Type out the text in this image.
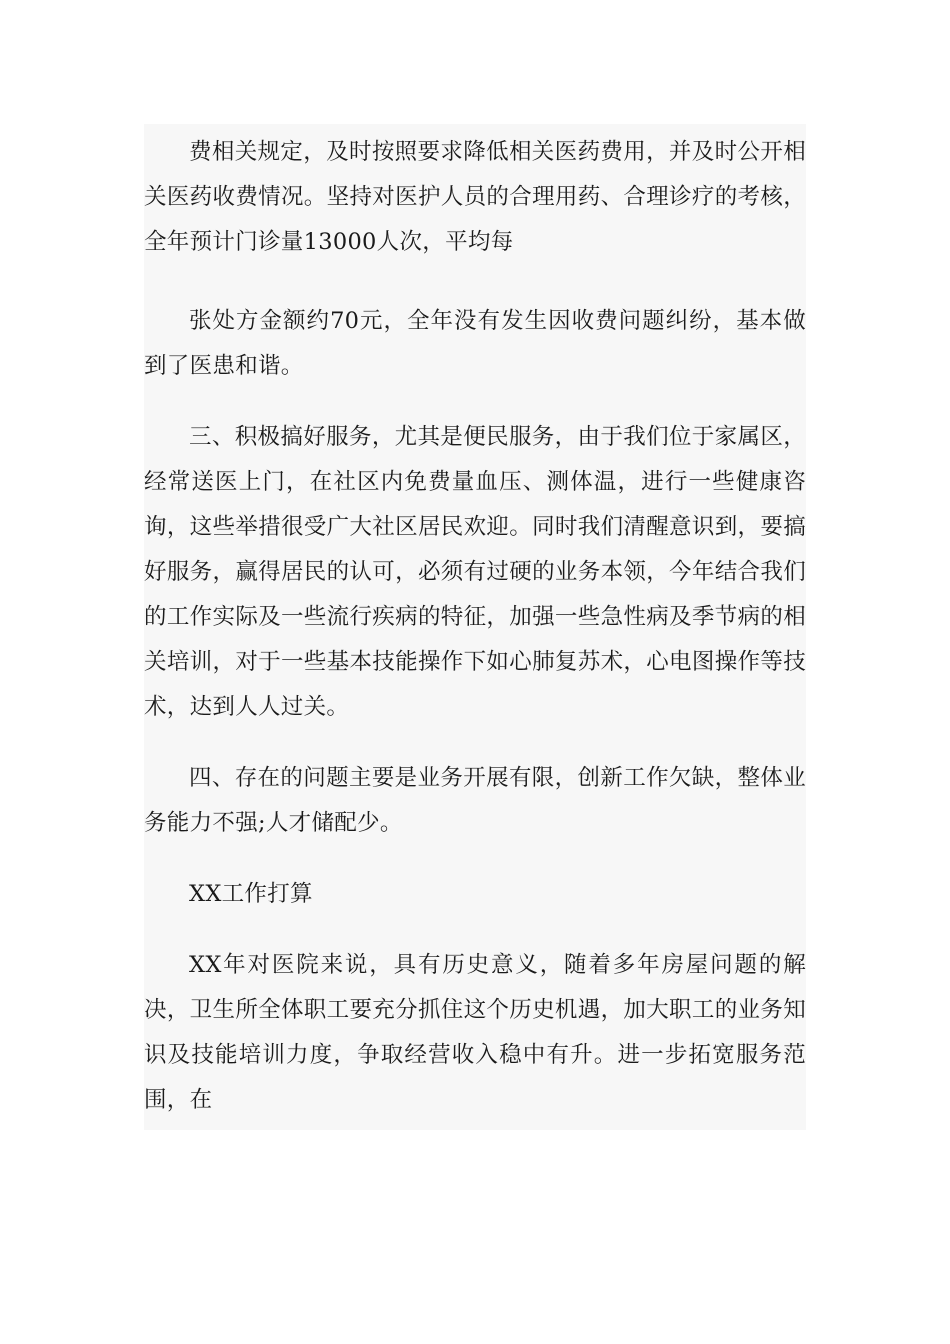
费相关规定，及时按照要求降低相关医药费用，并及时公开相关医药收费情况。坚持对医护人员的合理用药、合理诊疗的考核，全年预计门诊量13000人次，平均每

张处方金额约70元，全年没有发生因收费问题纠纷，基本做到了医患和谐。

三、积极搞好服务，尤其是便民服务，由于我们位于家属区，经常送医上门，在社区内免费量血压、测体温，进行一些健康咨询，这些举措很受广大社区居民欢迎。同时我们清醒意识到，要搞好服务，赢得居民的认可，必须有过硬的业务本领，今年结合我们的工作实际及一些流行疾病的特征，加强一些急性病及季节病的相关培训，对于一些基本技能操作下如心肺复苏术，心电图操作等技术，达到人人过关。

四、存在的问题主要是业务开展有限，创新工作欠缺，整体业务能力不强;人才储配少。

XX工作打算

XX年对医院来说，具有历史意义，随着多年房屋问题的解决，卫生所全体职工要充分抓住这个历史机遇，加大职工的业务知识及技能培训力度，争取经营收入稳中有升。进一步拓宽服务范围，在
